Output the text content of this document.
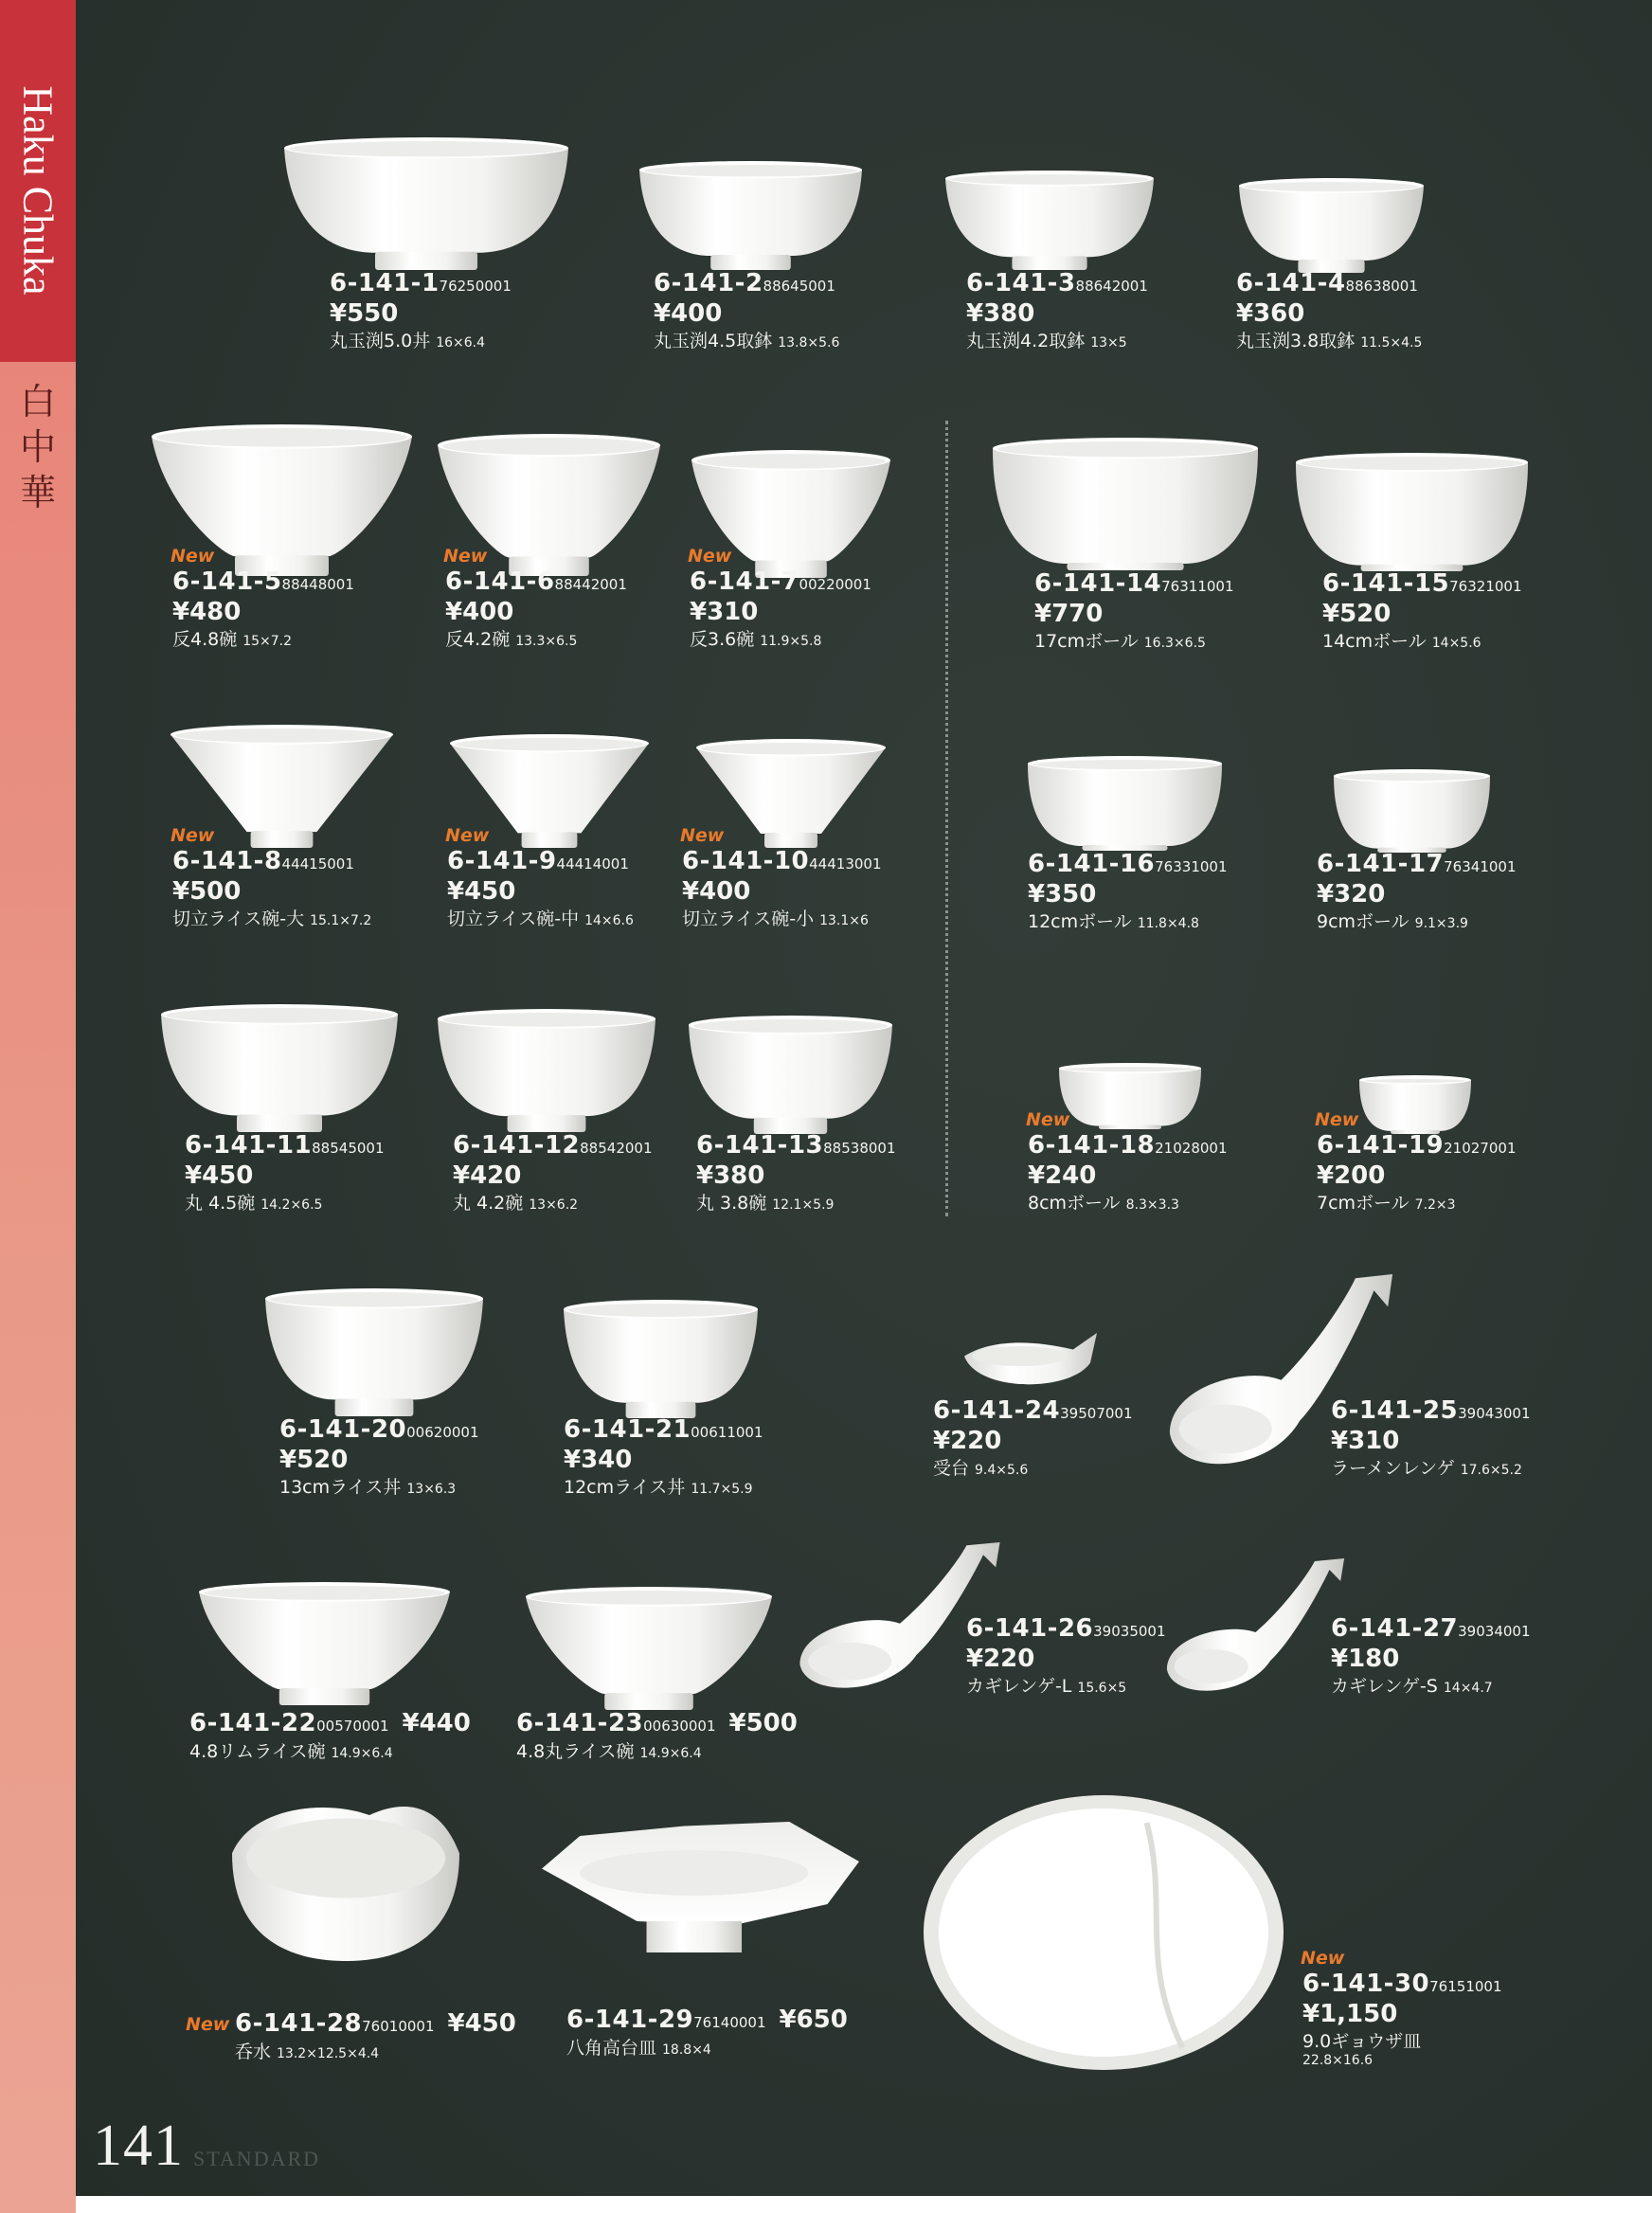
Haku Chuka
白中華
6-141-176250001
¥550
丸玉渕5.0丼 16×6.4
6-141-288645001
¥400
丸玉渕4.5取鉢 13.8×5.6
6-141-388642001
¥380
丸玉渕4.2取鉢 13×5
6-141-488638001
¥360
丸玉渕3.8取鉢 11.5×4.5
New
6-141-588448001
¥480
反4.8碗 15×7.2
New
6-141-688442001
¥400
反4.2碗 13.3×6.5
New
6-141-700220001
¥310
反3.6碗 11.9×5.8
New
6-141-844415001
¥500
切立ライス碗-大 15.1×7.2
New
6-141-944414001
¥450
切立ライス碗-中 14×6.6
New
6-141-1044413001
¥400
切立ライス碗-小 13.1×6
6-141-1188545001
¥450
丸 4.5碗 14.2×6.5
6-141-1288542001
¥420
丸 4.2碗 13×6.2
6-141-1388538001
¥380
丸 3.8碗 12.1×5.9
6-141-1476311001
¥770
17cmボール 16.3×6.5
6-141-1576321001
¥520
14cmボール 14×5.6
6-141-1676331001
¥350
12cmボール 11.8×4.8
6-141-1776341001
¥320
9cmボール 9.1×3.9
New
6-141-1821028001
¥240
8cmボール 8.3×3.3
New
6-141-1921027001
¥200
7cmボール 7.2×3
6-141-2000620001
¥520
13cmライス丼 13×6.3
6-141-2100611001
¥340
12cmライス丼 11.7×5.9
6-141-2439507001
¥220
受台 9.4×5.6
6-141-2539043001
¥310
ラーメンレンゲ 17.6×5.2
6-141-2200570001 ¥440
4.8リムライス碗 14.9×6.4
6-141-2300630001 ¥500
4.8丸ライス碗 14.9×6.4
6-141-2639035001
¥220
カギレンゲ-L 15.6×5
6-141-2739034001
¥180
カギレンゲ-S 14×4.7
New 6-141-2876010001 ¥450
呑水 13.2×12.5×4.4
6-141-2976140001 ¥650
八角高台皿 18.8×4
New
6-141-3076151001
¥1,150
9.0ギョウザ皿
22.8×16.6
141 STANDARD
